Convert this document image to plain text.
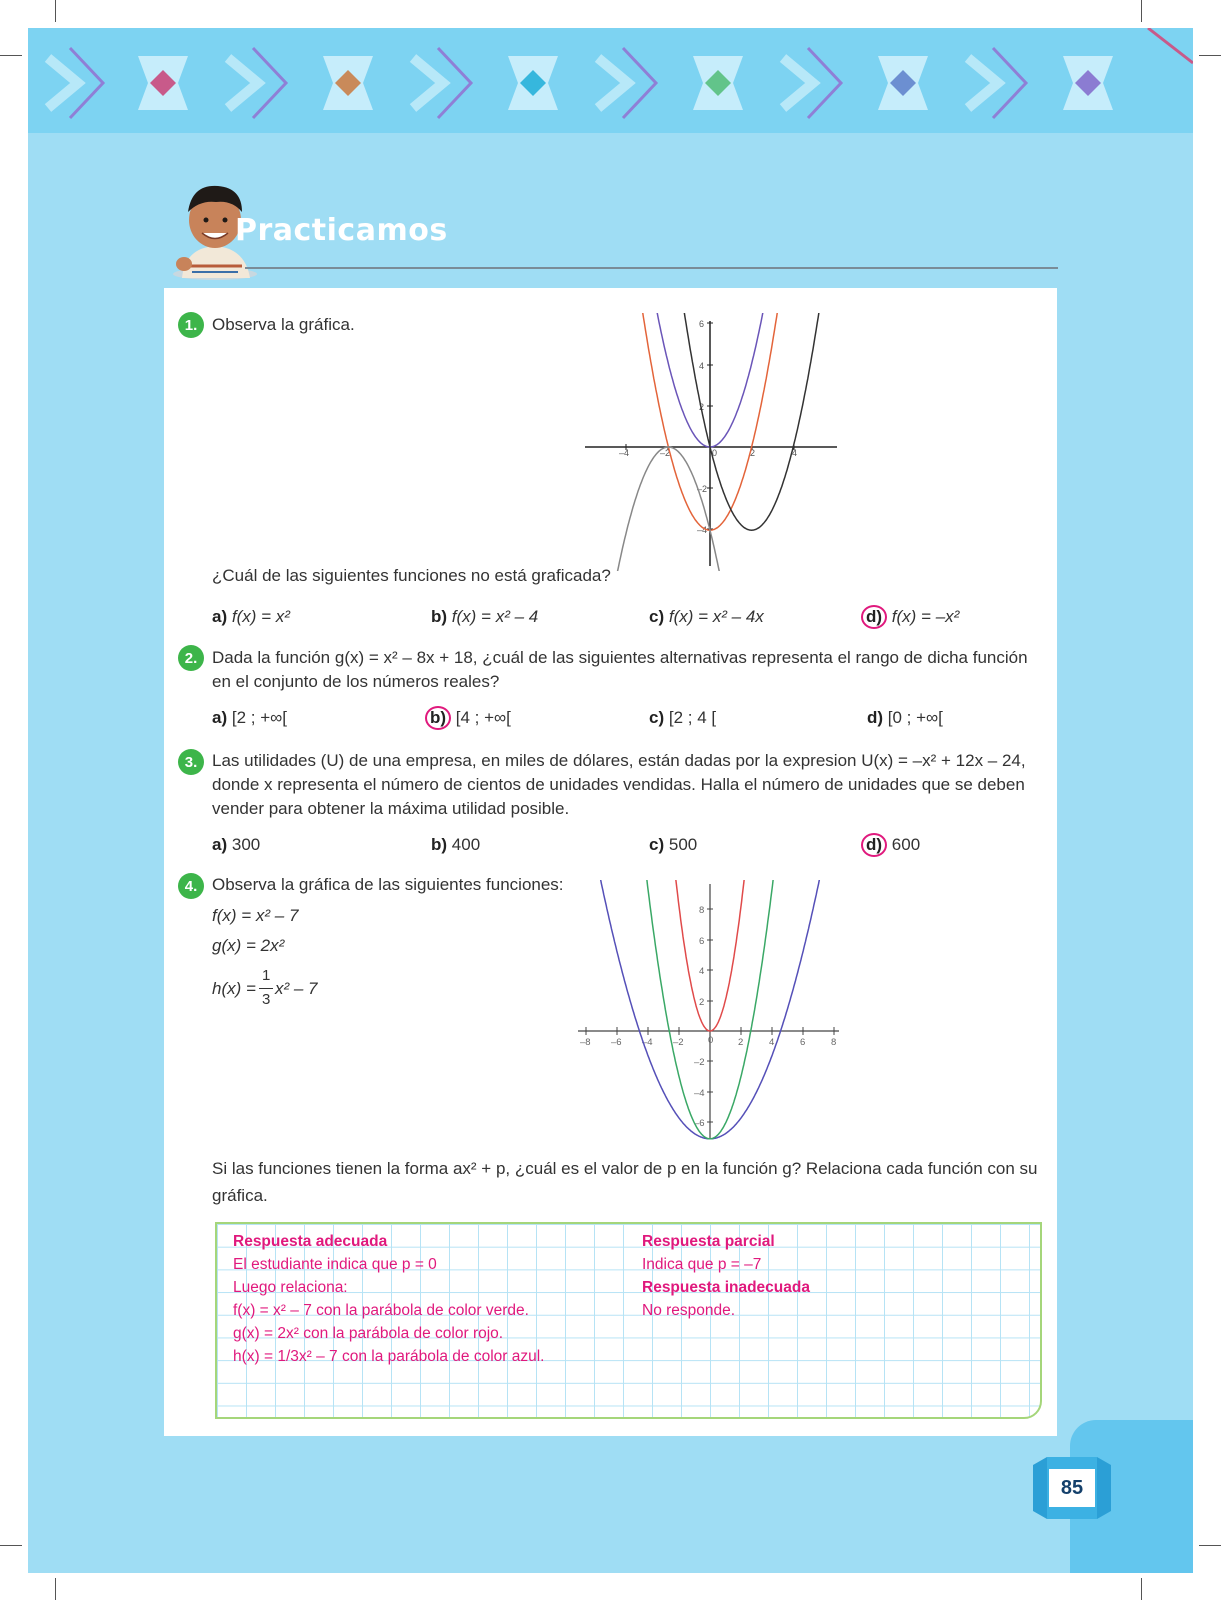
Practicamos
1. Observa la gráfica.
–4	–2	0	2	4
6
4
2
–2
–4
¿Cuál de las siguientes funciones no está graficada?
a) f(x) = x²	b) f(x) = x² – 4	c) f(x) = x² – 4x	d) f(x) = –x²
2. Dada la función g(x) = x² – 8x + 18, ¿cuál de las siguientes alternativas representa el rango de dicha función
en el conjunto de los números reales?
a) [2 ; +∞[	b) [4 ; +∞[	c) [2 ; 4 [	d) [0 ; +∞[
3. Las utilidades (U) de una empresa, en miles de dólares, están dadas por la expresion U(x) = –x² + 12x – 24,
donde x representa el número de cientos de unidades vendidas. Halla el número de unidades que se deben
vender para obtener la máxima utilidad posible.
a) 300	b) 400	c) 500	d) 600
4. Observa la gráfica de las siguientes funciones:
f(x) = x² – 7
g(x) = 2x²
h(x) =
1
3
x² – 7
–8 –6 –4 –2	0	2	4	6	8
8
6
4
2
–2
–4
–6
Si las funciones tienen la forma ax² + p, ¿cuál es el valor de p en la función g? Relaciona cada función con su
gráfica.
Respuesta adecuada
El estudiante indica que p = 0
Luego relaciona:
f(x) = x² – 7 con la parábola de color verde.
g(x) = 2x² con la parábola de color rojo.
h(x) = 1/3x² – 7 con la parábola de color azul.
Respuesta parcial
Indica que p = –7
Respuesta inadecuada
No responde.
85
